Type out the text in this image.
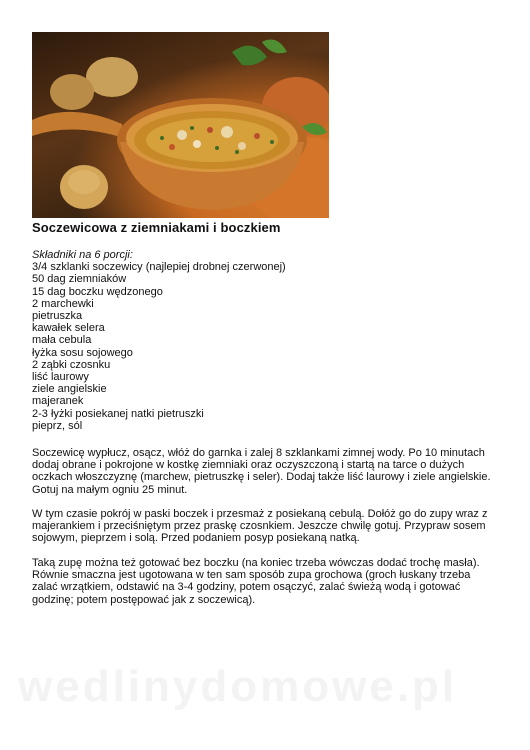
Soczewicowa z ziemniakami i boczkiem
Składniki na 6 porcji:
3/4 szklanki soczewicy (najlepiej drobnej czerwonej)
50 dag ziemniaków
15 dag boczku wędzonego
2 marchewki
pietruszka
kawałek selera
mała cebula
łyżka sosu sojowego
2 ząbki czosnku
liść laurowy
ziele angielskie
majeranek
2-3 łyżki posiekanej natki pietruszki
pieprz, sól

Soczewicę wypłucz, osącz, włóż do garnka i zalej 8 szklankami zimnej wody. Po 10 minutach dodaj obrane i pokrojone w kostkę ziemniaki oraz oczyszczoną i startą na tarce o dużych oczkach włoszczyznę (marchew, pietruszkę i seler). Dodaj także liść laurowy i ziele angielskie. Gotuj na małym ogniu 25 minut.

W tym czasie pokrój w paski boczek i przesmaż z posiekaną cebulą. Dołóż go do zupy wraz z majerankiem i przeciśniętym przez praskę czosnkiem. Jeszcze chwilę gotuj. Przypraw sosem sojowym, pieprzem i solą. Przed podaniem posyp posiekaną natką.

Taką zupę można też gotować bez boczku (na koniec trzeba wówczas dodać trochę masła). Równie smaczna jest ugotowana w ten sam sposób zupa grochowa (groch łuskany trzeba zalać wrzątkiem, odstawić na 3-4 godziny, potem osączyć, zalać świeżą wodą i gotować godzinę; potem postępować jak z soczewicą).

wedlinydomowe.pl
